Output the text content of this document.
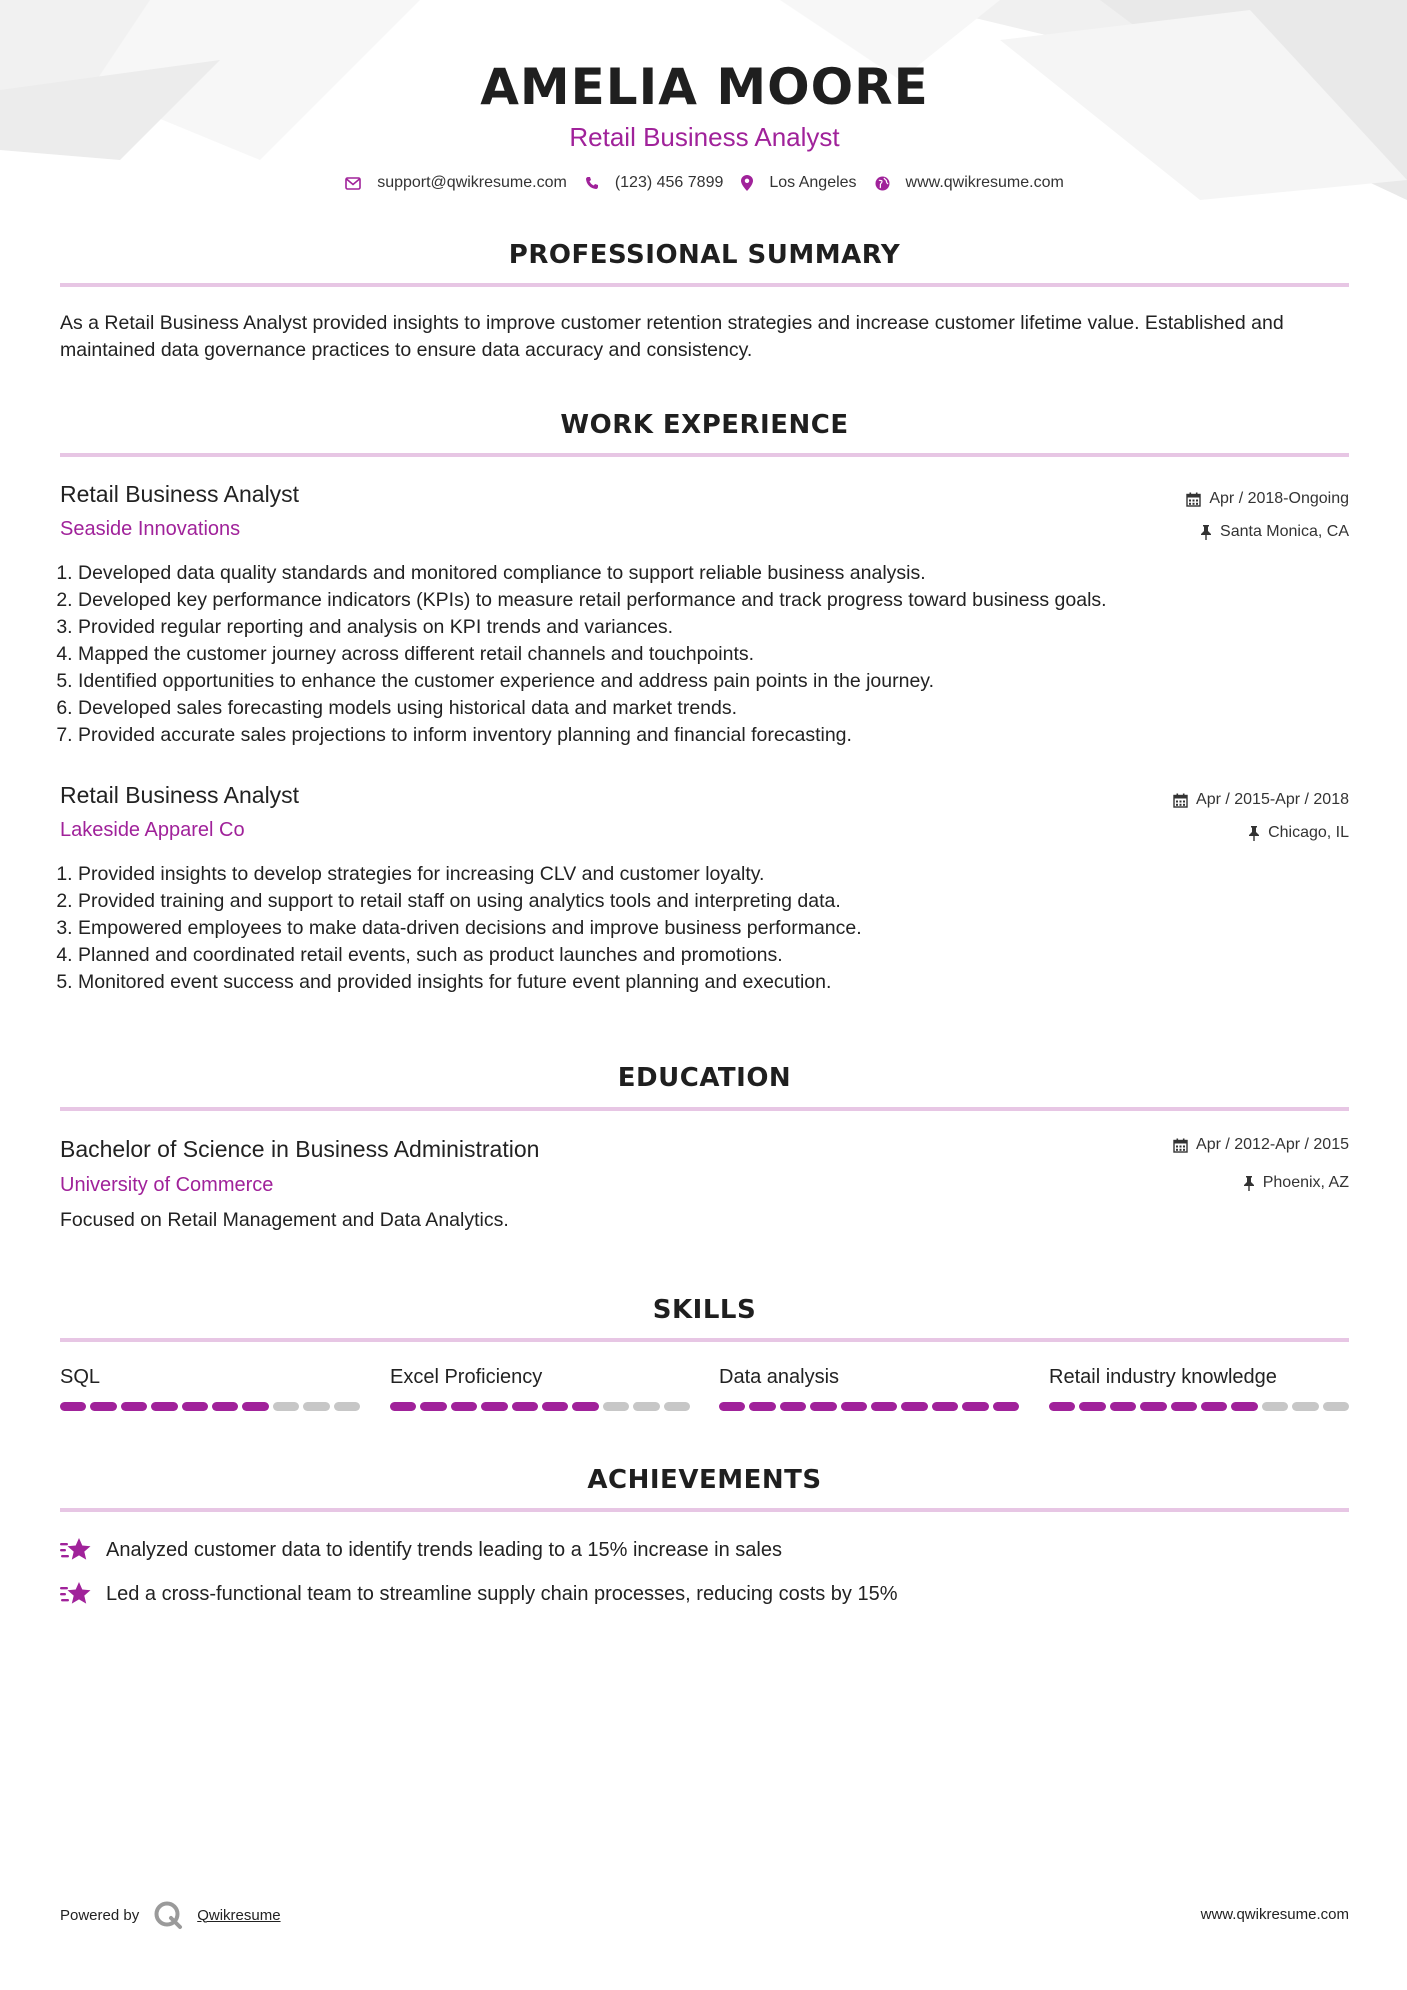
AMELIA MOORE
Retail Business Analyst
support@qwikresume.com	(123) 456 7899	Los Angeles	www.qwikresume.com
PROFESSIONAL SUMMARY

As a Retail Business Analyst provided insights to improve customer retention strategies and increase customer lifetime value. Established and maintained data governance practices to ensure data accuracy and consistency.

WORK EXPERIENCE
Retail Business Analyst
Seaside Innovations
Apr / 2018-Ongoing
Santa Monica, CA
1. Developed data quality standards and monitored compliance to support reliable business analysis.
2. Developed key performance indicators (KPIs) to measure retail performance and track progress toward business goals.
3. Provided regular reporting and analysis on KPI trends and variances.
4. Mapped the customer journey across different retail channels and touchpoints.
5. Identified opportunities to enhance the customer experience and address pain points in the journey.
6. Developed sales forecasting models using historical data and market trends.
7. Provided accurate sales projections to inform inventory planning and financial forecasting.
Retail Business Analyst
Lakeside Apparel Co
Apr / 2015-Apr / 2018
Chicago, IL
1. Provided insights to develop strategies for increasing CLV and customer loyalty.
2. Provided training and support to retail staff on using analytics tools and interpreting data.
3. Empowered employees to make data-driven decisions and improve business performance.
4. Planned and coordinated retail events, such as product launches and promotions.
5. Monitored event success and provided insights for future event planning and execution.
EDUCATION
Bachelor of Science in Business Administration
University of Commerce
Apr / 2012-Apr / 2015
Phoenix, AZ
Focused on Retail Management and Data Analytics.
SKILLS
SQL	Excel Proficiency	Data analysis	Retail industry knowledge
ACHIEVEMENTS
Analyzed customer data to identify trends leading to a 15% increase in sales
Led a cross-functional team to streamline supply chain processes, reducing costs by 15%
Powered by	Qwikresume	www.qwikresume.com
